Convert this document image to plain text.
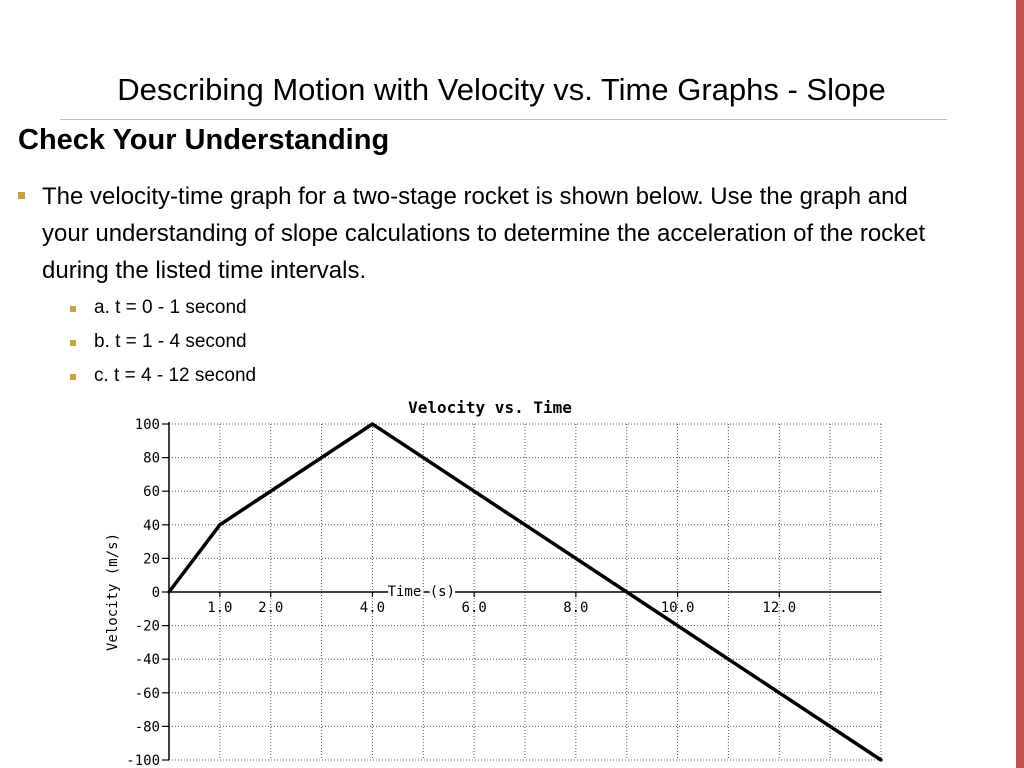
Describing Motion with Velocity vs. Time Graphs - Slope
Check Your Understanding
The velocity-time graph for a two-stage rocket is shown below. Use the graph and your understanding of slope calculations to determine the acceleration of the rocket during the listed time intervals.
a. t = 0 - 1 second
b. t = 1 - 4 second
c. t = 4 - 12 second
100
80
60
40
20
0
-20
-40
-60
-80
-100
1.0 2.0	4.0	6.0	8.0	10.0	12.0
Velocity vs. Time
Time (s)
Velocity (m/s)
